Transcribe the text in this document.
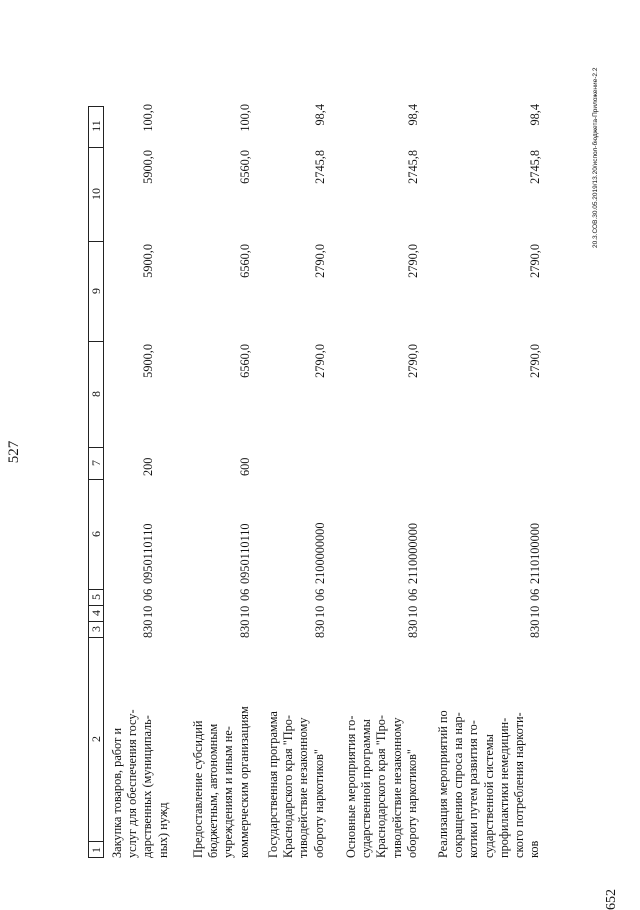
527
652
20.3.СОВ.30.05.2019/13.20/испол-бюджета-Приложение-2.2
1
2
3
4
5
6
7
8
9
10
11
Закупка товаров, работ и услуг для обеспечения госу- дарственных (муниципаль- ных) нужд
830
10
06
0950110110
200
5900,0
5900,0
5900,0
100,0
Предоставление субсидий бюджетным, автономным учреждениям и иным не- коммерческим организациям
830
10
06
0950110110
600
6560,0
6560,0
6560,0
100,0
Государственная программа Краснодарского края "Про- тиводействие незаконному обороту наркотиков"
830
10
06
2100000000
2790,0
2790,0
2745,8
98,4
Основные мероприятия го- сударственной программы Краснодарского края "Про- тиводействие незаконному обороту наркотиков"
830
10
06
2110000000
2790,0
2790,0
2745,8
98,4
Реализация мероприятий по сокращению спроса на нар- котики путем развития го- сударственной системы профилактики немедицин- ского потребления наркоти- ков
830
10
06
2110100000
2790,0
2790,0
2745,8
98,4
